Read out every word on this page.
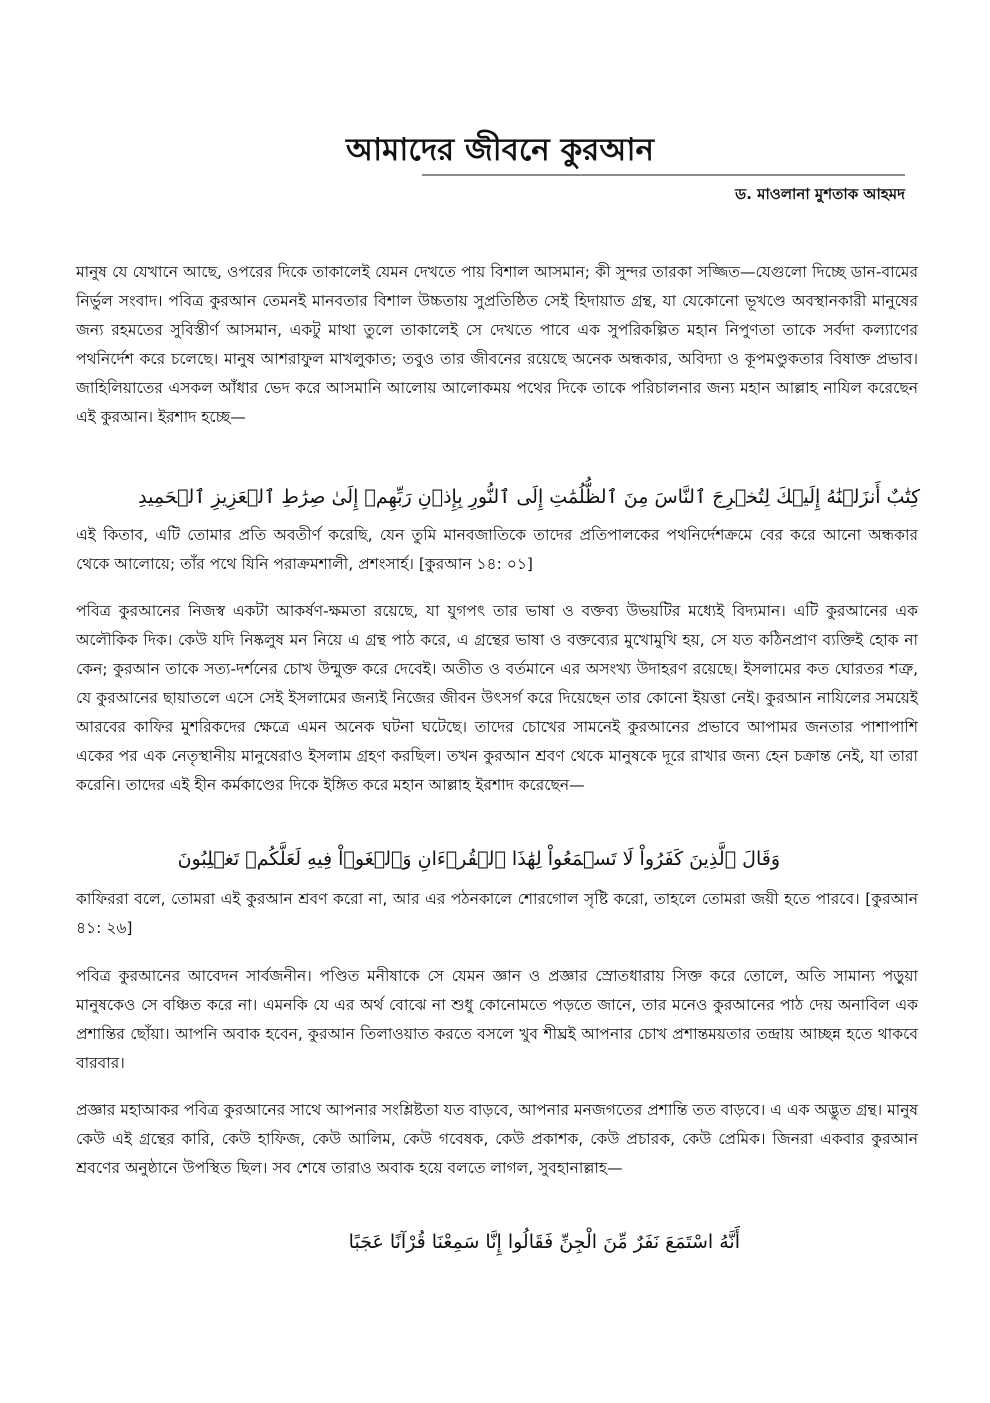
আমাদের জীবনে কুরআন
ড. মাওলানা মুশতাক আহমদ

মানুষ যে যেখানে আছে, ওপরের দিকে তাকালেই যেমন দেখতে পায় বিশাল আসমান; কী সুন্দর তারকা সজ্জিত—যেগুলো দিচ্ছে ডান-বামের নির্ভুল সংবাদ। পবিত্র কুরআন তেমনই মানবতার বিশাল উচ্চতায় সুপ্রতিষ্ঠিত সেই হিদায়াত গ্রন্থ, যা যেকোনো ভূখণ্ডে অবস্থানকারী মানুষের জন্য রহমতের সুবিস্তীর্ণ আসমান, একটু মাথা তুলে তাকালেই সে দেখতে পাবে এক সুপরিকল্পিত মহান নিপুণতা তাকে সর্বদা কল্যাণের পথনির্দেশ করে চলেছে। মানুষ আশরাফুল মাখলুকাত; তবুও তার জীবনের রয়েছে অনেক অন্ধকার, অবিদ্যা ও কূপমণ্ডুকতার বিষাক্ত প্রভাব। জাহিলিয়াতের এসকল আঁধার ভেদ করে আসমানি আলোয় আলোকময় পথের দিকে তাকে পরিচালনার জন্য মহান আল্লাহ নাযিল করেছেন এই কুরআন। ইরশাদ হচ্ছে—

كِتَٰبٌ أَنزَلۡنَٰهُ إِلَيۡكَ لِتُخۡرِجَ ٱلنَّاسَ مِنَ ٱلظُّلُمَٰتِ إِلَى ٱلنُّورِ بِإِذۡنِ رَبِّهِمۡ إِلَىٰ صِرَٰطِ ٱلۡعَزِيزِ ٱلۡحَمِيدِ

এই কিতাব, এটি তোমার প্রতি অবতীর্ণ করেছি, যেন তুমি মানবজাতিকে তাদের প্রতিপালকের পথনির্দেশক্রমে বের করে আনো অন্ধকার থেকে আলোয়ে; তাঁর পথে যিনি পরাক্রমশালী, প্রশংসার্হ। [কুরআন ১৪: ০১]

পবিত্র কুরআনের নিজস্ব একটা আকর্ষণ-ক্ষমতা রয়েছে, যা যুগপৎ তার ভাষা ও বক্তব্য উভয়টির মধ্যেই বিদ্যমান। এটি কুরআনের এক অলৌকিক দিক। কেউ যদি নিষ্কলুষ মন নিয়ে এ গ্রন্থ পাঠ করে, এ গ্রন্থের ভাষা ও বক্তব্যের মুখোমুখি হয়, সে যত কঠিনপ্রাণ ব্যক্তিই হোক না কেন; কুরআন তাকে সত্য-দর্শনের চোখ উন্মুক্ত করে দেবেই। অতীত ও বর্তমানে এর অসংখ্য উদাহরণ রয়েছে। ইসলামের কত ঘোরতর শত্রু, যে কুরআনের ছায়াতলে এসে সেই ইসলামের জন্যই নিজের জীবন উৎসর্গ করে দিয়েছেন তার কোনো ইয়ত্তা নেই। কুরআন নাযিলের সময়েই আরবের কাফির মুশরিকদের ক্ষেত্রে এমন অনেক ঘটনা ঘটেছে। তাদের চোখের সামনেই কুরআনের প্রভাবে আপামর জনতার পাশাপাশি একের পর এক নেতৃস্থানীয় মানুষেরাও ইসলাম গ্রহণ করছিল। তখন কুরআন শ্রবণ থেকে মানুষকে দূরে রাখার জন্য হেন চক্রান্ত নেই, যা তারা করেনি। তাদের এই হীন কর্মকাণ্ডের দিকে ইঙ্গিত করে মহান আল্লাহ ইরশাদ করেছেন—

وَقَالَ ٱلَّذِينَ كَفَرُواْ لَا تَسۡمَعُواْ لِهَٰذَا ٱلۡقُرۡءَانِ وَٱلۡغَوۡاْ فِيهِ لَعَلَّكُمۡ تَغۡلِبُونَ

কাফিররা বলে, তোমরা এই কুরআন শ্রবণ করো না, আর এর পঠনকালে শোরগোল সৃষ্টি করো, তাহলে তোমরা জয়ী হতে পারবে। [কুরআন ৪১: ২৬]

পবিত্র কুরআনের আবেদন সার্বজনীন। পণ্ডিত মনীষাকে সে যেমন জ্ঞান ও প্রজ্ঞার স্রোতধারায় সিক্ত করে তোলে, অতি সামান্য পড়ুয়া মানুষকেও সে বঞ্চিত করে না। এমনকি যে এর অর্থ বোঝে না শুধু কোনোমতে পড়তে জানে, তার মনেও কুরআনের পাঠ দেয় অনাবিল এক প্রশান্তির ছোঁয়া। আপনি অবাক হবেন, কুরআন তিলাওয়াত করতে বসলে খুব শীঘ্রই আপনার চোখ প্রশান্তময়তার তন্দ্রায় আচ্ছন্ন হতে থাকবে বারবার।

প্রজ্ঞার মহাআকর পবিত্র কুরআনের সাথে আপনার সংশ্লিষ্টতা যত বাড়বে, আপনার মনজগতের প্রশান্তি তত বাড়বে। এ এক অদ্ভুত গ্রন্থ। মানুষ কেউ এই গ্রন্থের কারি, কেউ হাফিজ, কেউ আলিম, কেউ গবেষক, কেউ প্রকাশক, কেউ প্রচারক, কেউ প্রেমিক। জিনরা একবার কুরআন শ্রবণের অনুষ্ঠানে উপস্থিত ছিল। সব শেষে তারাও অবাক হয়ে বলতে লাগল, সুবহানাল্লাহ—

أَنَّهُ اسْتَمَعَ نَفَرٌ مِّنَ الْجِنِّ فَقَالُوا إِنَّا سَمِعْنَا قُرْآنًا عَجَبًا
